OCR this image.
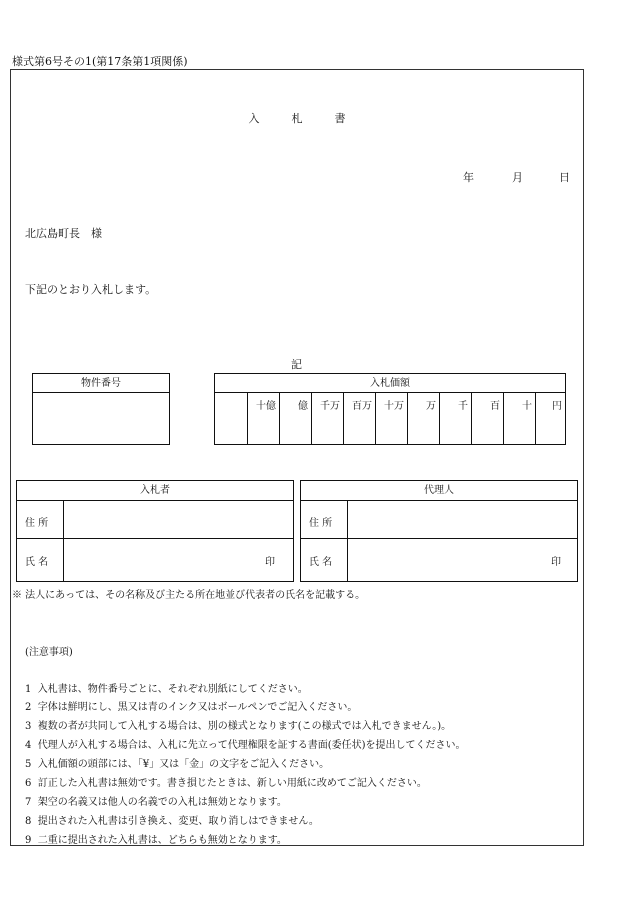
様式第6号その1(第17条第1項関係)
入	札	書
年	月	日
北広島町長　様
下記のとおり入札します。
記
物件番号	入札価額
十億	億	千万	百万	十万	万	千	百	十	円
入札者
住 所
氏 名	印
代理人
住 所
氏 名	印
※ 法人にあっては、その名称及び主たる所在地並び代表者の氏名を記載する。
(注意事項)
1 入札書は、物件番号ごとに、それぞれ別紙にしてください。
2 字体は鮮明にし、黒又は青のインク又はボールペンでご記入ください。
3 複数の者が共同して入札する場合は、別の様式となります(この様式では入札できません。)。
4 代理人が入札する場合は、入札に先立って代理権限を証する書面(委任状)を提出してください。
5 入札価額の頭部には、「¥」又は「金」の文字をご記入ください。
6 訂正した入札書は無効です。書き損じたときは、新しい用紙に改めてご記入ください。
7 架空の名義又は他人の名義での入札は無効となります。
8 提出された入札書は引き換え、変更、取り消しはできません。
9 二重に提出された入札書は、どちらも無効となります。
